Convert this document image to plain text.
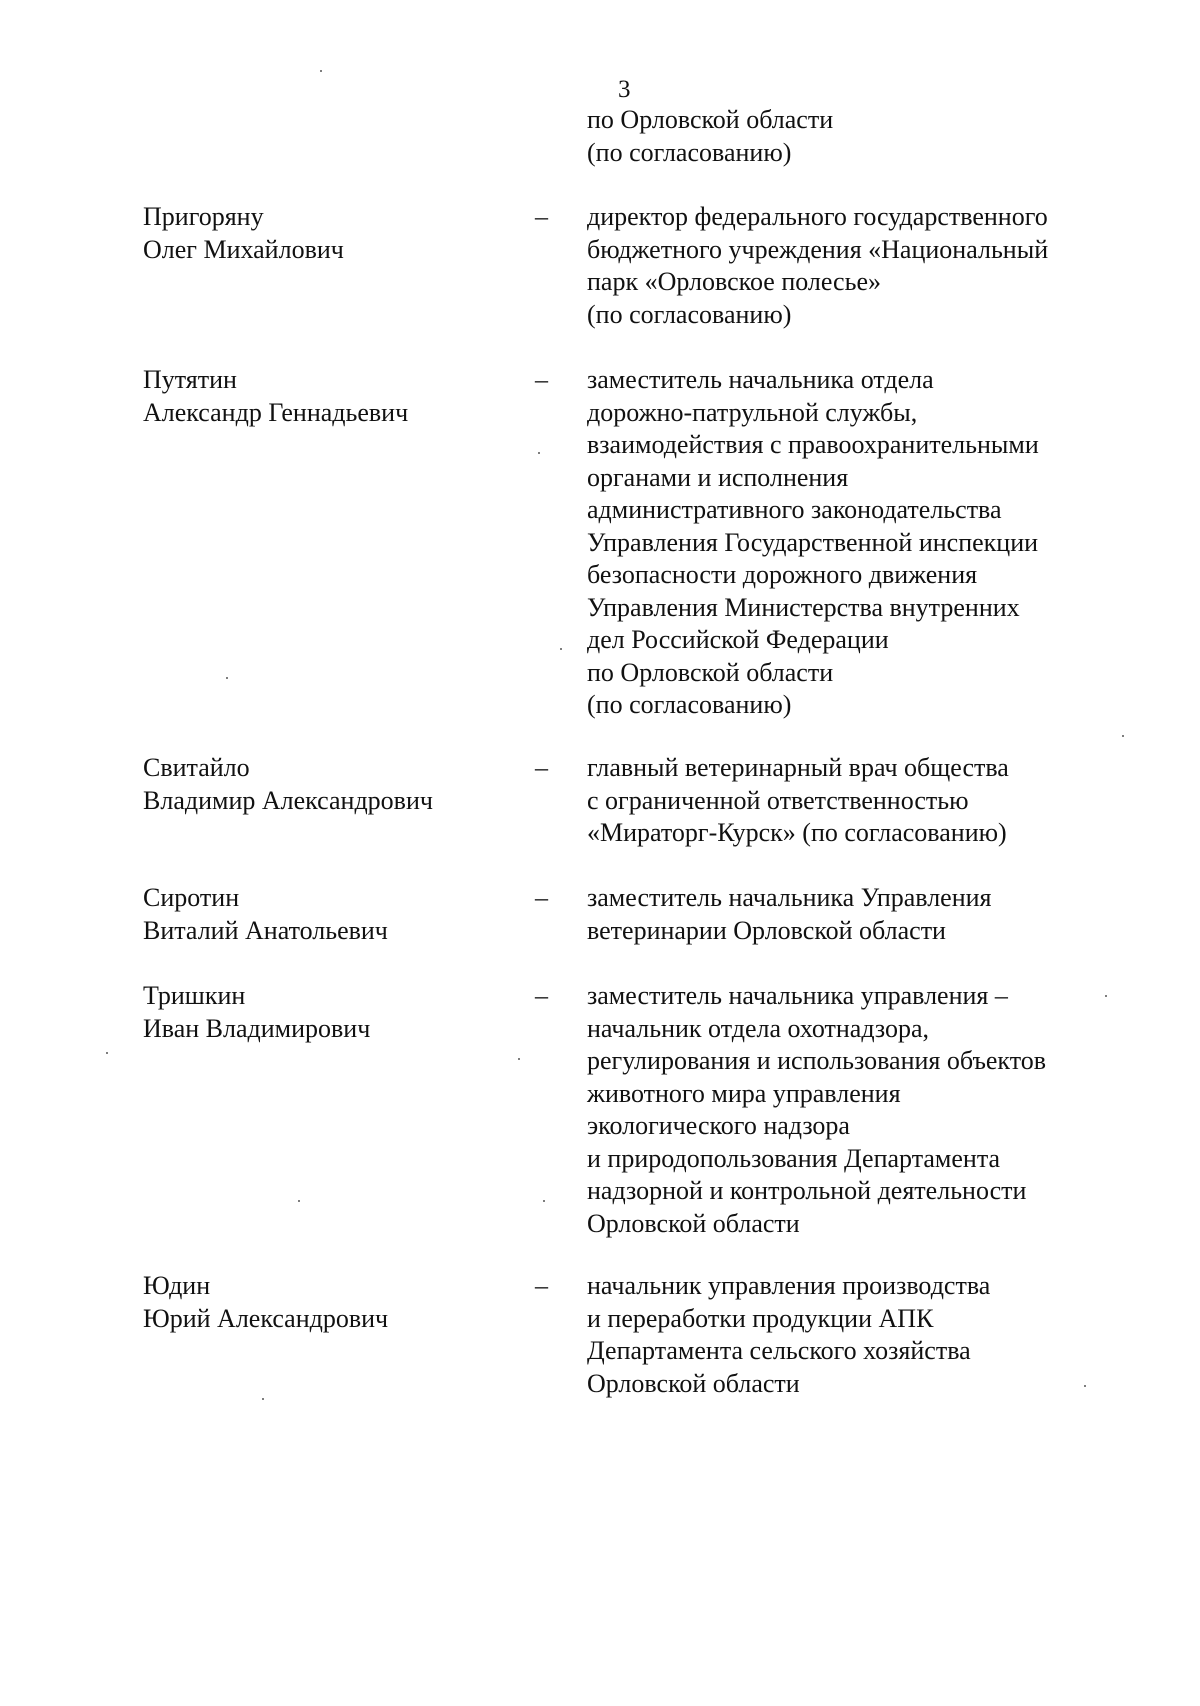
3
по Орловской области
(по согласованию)
Пригоряну
Олег Михайлович
– директор федерального государственного
бюджетного учреждения «Национальный
парк «Орловское полесье»
(по согласованию)
Путятин
Александр Геннадьевич
– заместитель начальника отдела
дорожно-патрульной службы,
взаимодействия с правоохранительными
органами и исполнения
административного законодательства
Управления Государственной инспекции
безопасности дорожного движения
Управления Министерства внутренних
дел Российской Федерации
по Орловской области
(по согласованию)
Свитайло
Владимир Александрович
– главный ветеринарный врач общества
с ограниченной ответственностью
«Мираторг-Курск» (по согласованию)
Сиротин
Виталий Анатольевич
– заместитель начальника Управления
ветеринарии Орловской области
Тришкин
Иван Владимирович
– заместитель начальника управления –
начальник отдела охотнадзора,
регулирования и использования объектов
животного мира управления
экологического надзора
и природопользования Департамента
надзорной и контрольной деятельности
Орловской области
Юдин
Юрий Александрович
– начальник управления производства
и переработки продукции АПК
Департамента сельского хозяйства
Орловской области
